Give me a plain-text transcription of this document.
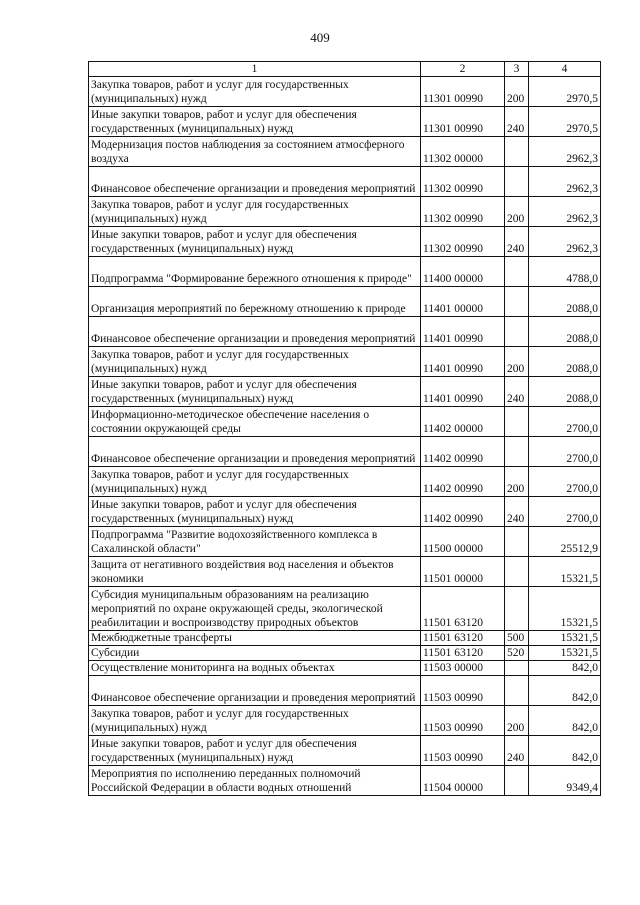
409
1	2	3	4
Закупка товаров, работ и услуг для государственных (муниципальных) нужд	11301 00990	200	2970,5
Иные закупки товаров, работ и услуг для обеспечения государственных (муниципальных) нужд	11301 00990	240	2970,5
Модернизация постов наблюдения за состоянием атмосферного воздуха	11302 00000		2962,3
Финансовое обеспечение организации и проведения мероприятий	11302 00990		2962,3
Закупка товаров, работ и услуг для государственных (муниципальных) нужд	11302 00990	200	2962,3
Иные закупки товаров, работ и услуг для обеспечения государственных (муниципальных) нужд	11302 00990	240	2962,3
Подпрограмма "Формирование бережного отношения к природе"	11400 00000		4788,0
Организация мероприятий по бережному отношению к природе	11401 00000		2088,0
Финансовое обеспечение организации и проведения мероприятий	11401 00990		2088,0
Закупка товаров, работ и услуг для государственных (муниципальных) нужд	11401 00990	200	2088,0
Иные закупки товаров, работ и услуг для обеспечения государственных (муниципальных) нужд	11401 00990	240	2088,0
Информационно-методическое обеспечение населения о состоянии окружающей среды	11402 00000		2700,0
Финансовое обеспечение организации и проведения мероприятий	11402 00990		2700,0
Закупка товаров, работ и услуг для государственных (муниципальных) нужд	11402 00990	200	2700,0
Иные закупки товаров, работ и услуг для обеспечения государственных (муниципальных) нужд	11402 00990	240	2700,0
Подпрограмма "Развитие водохозяйственного комплекса в Сахалинской области"	11500 00000		25512,9
Защита от негативного воздействия вод населения и объектов экономики	11501 00000		15321,5
Субсидия муниципальным образованиям на реализацию мероприятий по охране окружающей среды, экологической реабилитации и воспроизводству природных объектов	11501 63120		15321,5
Межбюджетные трансферты	11501 63120	500	15321,5
Субсидии	11501 63120	520	15321,5
Осуществление мониторинга на водных объектах	11503 00000		842,0
Финансовое обеспечение организации и проведения мероприятий	11503 00990		842,0
Закупка товаров, работ и услуг для государственных (муниципальных) нужд	11503 00990	200	842,0
Иные закупки товаров, работ и услуг для обеспечения государственных (муниципальных) нужд	11503 00990	240	842,0
Мероприятия по исполнению переданных полномочий Российской Федерации в области водных отношений	11504 00000		9349,4
